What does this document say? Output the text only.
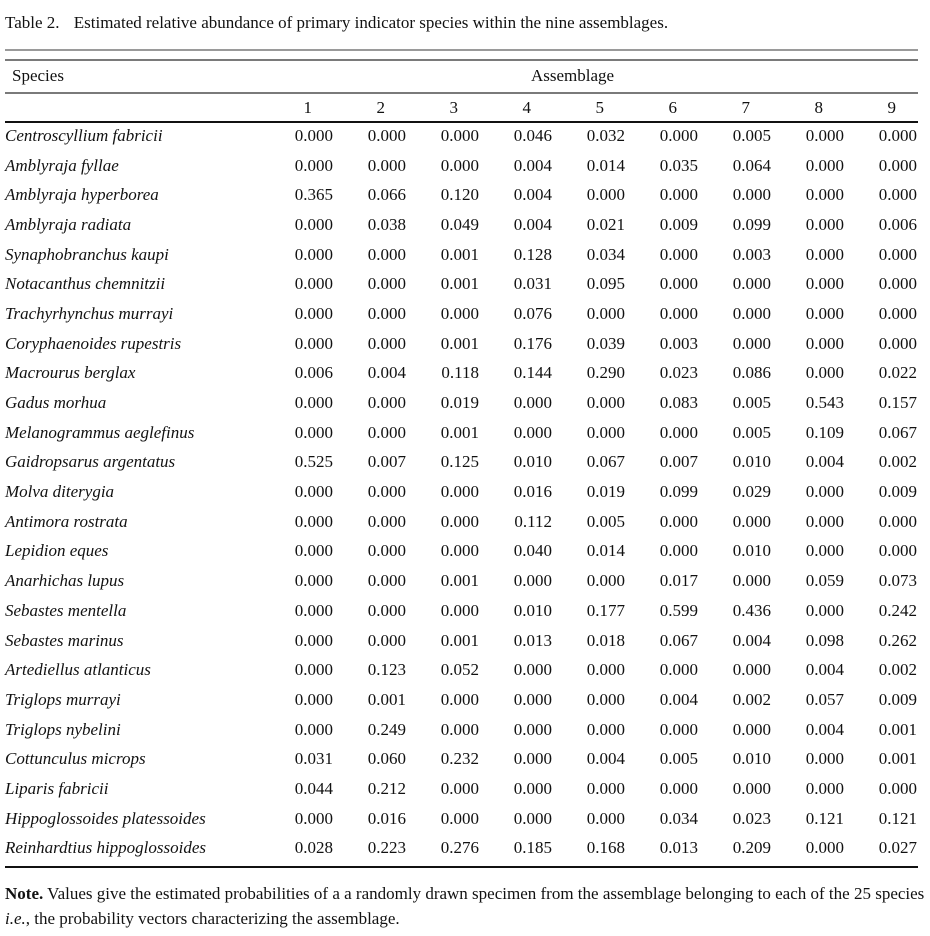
Table 2. Estimated relative abundance of primary indicator species within the nine assemblages.
Species	Assemblage
	1	2	3	4	5	6	7	8	9
Centroscyllium fabricii	0.000	0.000	0.000	0.046	0.032	0.000	0.005	0.000	0.000
Amblyraja fyllae	0.000	0.000	0.000	0.004	0.014	0.035	0.064	0.000	0.000
Amblyraja hyperborea	0.365	0.066	0.120	0.004	0.000	0.000	0.000	0.000	0.000
Amblyraja radiata	0.000	0.038	0.049	0.004	0.021	0.009	0.099	0.000	0.006
Synaphobranchus kaupi	0.000	0.000	0.001	0.128	0.034	0.000	0.003	0.000	0.000
Notacanthus chemnitzii	0.000	0.000	0.001	0.031	0.095	0.000	0.000	0.000	0.000
Trachyrhynchus murrayi	0.000	0.000	0.000	0.076	0.000	0.000	0.000	0.000	0.000
Coryphaenoides rupestris	0.000	0.000	0.001	0.176	0.039	0.003	0.000	0.000	0.000
Macrourus berglax	0.006	0.004	0.118	0.144	0.290	0.023	0.086	0.000	0.022
Gadus morhua	0.000	0.000	0.019	0.000	0.000	0.083	0.005	0.543	0.157
Melanogrammus aeglefinus	0.000	0.000	0.001	0.000	0.000	0.000	0.005	0.109	0.067
Gaidropsarus argentatus	0.525	0.007	0.125	0.010	0.067	0.007	0.010	0.004	0.002
Molva diterygia	0.000	0.000	0.000	0.016	0.019	0.099	0.029	0.000	0.009
Antimora rostrata	0.000	0.000	0.000	0.112	0.005	0.000	0.000	0.000	0.000
Lepidion eques	0.000	0.000	0.000	0.040	0.014	0.000	0.010	0.000	0.000
Anarhichas lupus	0.000	0.000	0.001	0.000	0.000	0.017	0.000	0.059	0.073
Sebastes mentella	0.000	0.000	0.000	0.010	0.177	0.599	0.436	0.000	0.242
Sebastes marinus	0.000	0.000	0.001	0.013	0.018	0.067	0.004	0.098	0.262
Artediellus atlanticus	0.000	0.123	0.052	0.000	0.000	0.000	0.000	0.004	0.002
Triglops murrayi	0.000	0.001	0.000	0.000	0.000	0.004	0.002	0.057	0.009
Triglops nybelini	0.000	0.249	0.000	0.000	0.000	0.000	0.000	0.004	0.001
Cottunculus microps	0.031	0.060	0.232	0.000	0.004	0.005	0.010	0.000	0.001
Liparis fabricii	0.044	0.212	0.000	0.000	0.000	0.000	0.000	0.000	0.000
Hippoglossoides platessoides	0.000	0.016	0.000	0.000	0.000	0.034	0.023	0.121	0.121
Reinhardtius hippoglossoides	0.028	0.223	0.276	0.185	0.168	0.013	0.209	0.000	0.027
Note. Values give the estimated probabilities of a a randomly drawn specimen from the assemblage belonging to each of the 25 species i.e., the probability vectors characterizing the assemblage.
